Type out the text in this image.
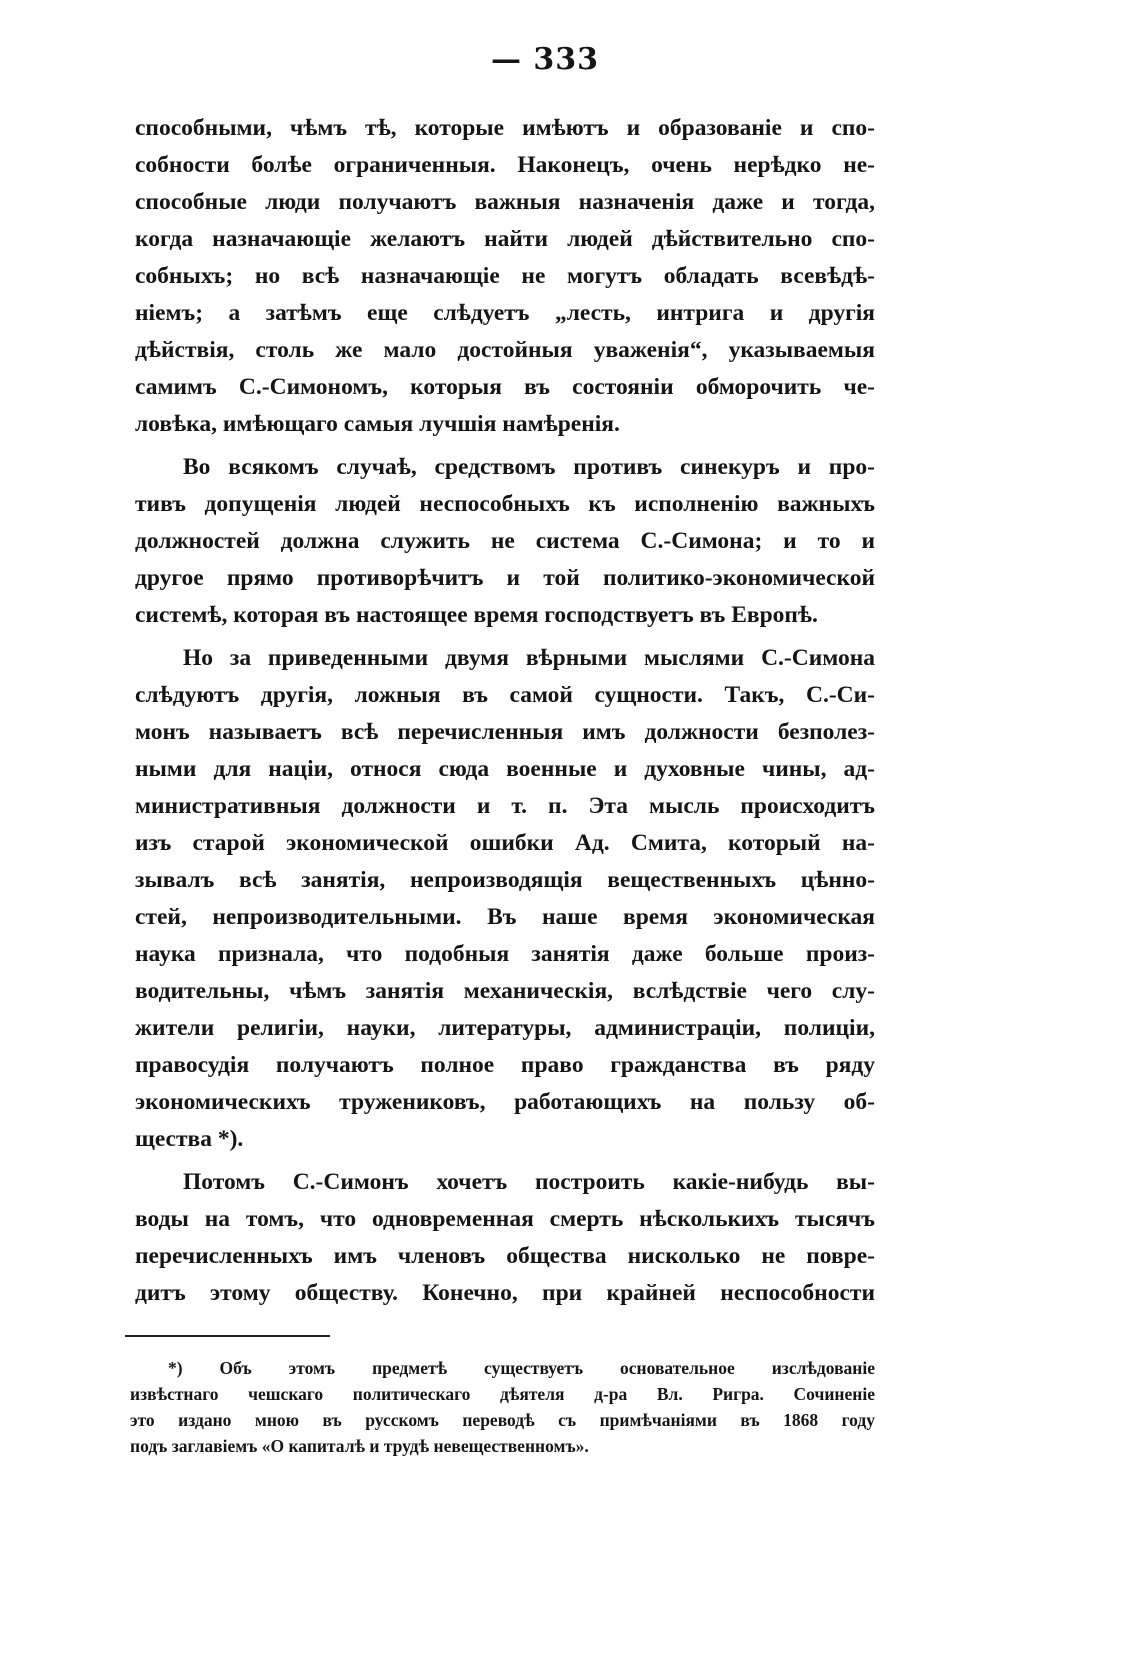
— 333
способными, чѣмъ тѣ, которые имѣютъ и образованіе и спо-
собности болѣе ограниченныя. Наконецъ, очень нерѣдко не-
способные люди получаютъ важныя назначенія даже и тогда,
когда назначающіе желаютъ найти людей дѣйствительно спо-
собныхъ; но всѣ назначающіе не могутъ обладать всевѣдѣ-
ніемъ; а затѣмъ еще слѣдуетъ „лесть, интрига и другія
дѣйствія, столь же мало достойныя уваженія“, указываемыя
самимъ С.-Симономъ, которыя въ состояніи обморочить че-
ловѣка, имѣющаго самыя лучшія намѣренія.
Во всякомъ случаѣ, средствомъ противъ синекуръ и про-
тивъ допущенія людей неспособныхъ къ исполненію важныхъ
должностей должна служить не система С.-Симона; и то и
другое прямо противорѣчитъ и той политико-экономической
системѣ, которая въ настоящее время господствуетъ въ Европѣ.
Но за приведенными двумя вѣрными мыслями С.-Симона
слѣдуютъ другія, ложныя въ самой сущности. Такъ, С.-Си-
монъ называетъ всѣ перечисленныя имъ должности безполез-
ными для націи, относя сюда военные и духовные чины, ад-
министративныя должности и т. п. Эта мысль происходитъ
изъ старой экономической ошибки Ад. Смита, который на-
зывалъ всѣ занятія, непроизводящія вещественныхъ цѣнно-
стей, непроизводительными. Въ наше время экономическая
наука признала, что подобныя занятія даже больше произ-
водительны, чѣмъ занятія механическія, вслѣдствіе чего слу-
жители религіи, науки, литературы, администраціи, полиціи,
правосудія получаютъ полное право гражданства въ ряду
экономическихъ тружениковъ, работающихъ на пользу об-
щества *).
Потомъ С.-Симонъ хочетъ построить какіе-нибудь вы-
воды на томъ, что одновременная смерть нѣсколькихъ тысячъ
перечисленныхъ имъ членовъ общества нисколько не повре-
дитъ этому обществу. Конечно, при крайней неспособности
*) Объ этомъ предметѣ существуетъ основательное изслѣдованіе
извѣстнаго чешскаго политическаго дѣятеля д-ра Вл. Ригра. Сочиненіе
это издано мною въ русскомъ переводѣ съ примѣчаніями въ 1868 году
подъ заглавіемъ «О капиталѣ и трудѣ невещественномъ».
